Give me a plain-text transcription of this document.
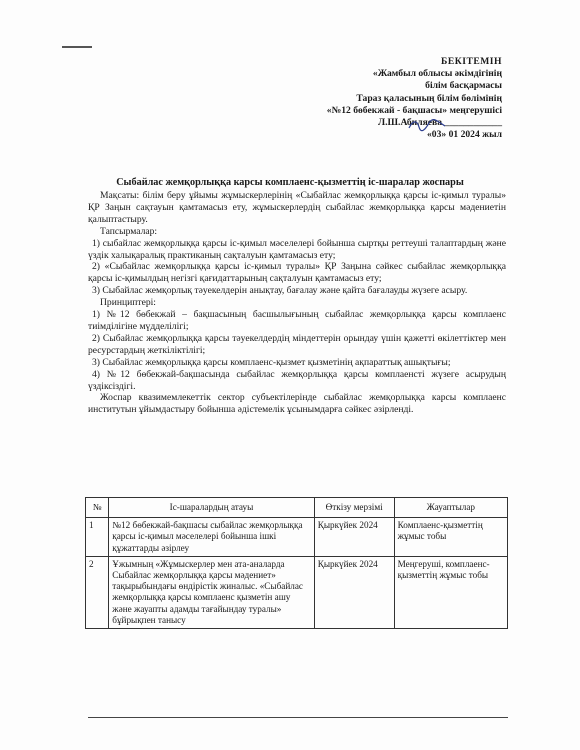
БЕКІТЕМІН
«Жамбыл облысы әкімдігінің
білім басқармасы
Тараз қаласының білім бөлімінің
«№12 бөбекжай - бақшасы» меңгерушісі
Л.Ш.Абиляева ____________
«03» 01 2024 жыл
Сыбайлас жемқорлыққа карсы комплаенс-қызметтің іс-шаралар жоспары

Мақсаты: білім беру ұйымы жұмыскерлерінің «Сыбайлас жемқорлыққа қарсы іс-қимыл туралы» ҚР Заңын сақтауын қамтамасыз ету, жұмыскерлердің сыбайлас жемқорлыққа қарсы мәдениетін қалыптастыру.

Тапсырмалар:

1) сыбайлас жемқорлыққа қарсы іс-қимыл мәселелері бойынша сыртқы реттеуші талаптардың және үздік халықаралық практиканың сақталуын қамтамасыз ету;

2) «Сыбайлас жемқорлыққа қарсы іс-қимыл туралы» ҚР Заңына сәйкес сыбайлас жемқорлыққа қарсы іс-қимылдың негізгі қағидаттарының сақталуын қамтамасыз ету;

3) Сыбайлас жемқорлық тәуекелдерін анықтау, бағалау және қайта бағалауды жүзеге асыру.

Принциптері:

1) №12 бөбекжай – бақшасының басшылығының сыбайлас жемқорлыққа қарсы комплаенс тиімділігіне мүдделілігі;

2) Сыбайлас жемқорлыққа қарсы тәуекелдердің міндеттерін орындау үшін қажетті өкілеттіктер мен ресурстардың жеткіліктілігі;

3) Сыбайлас жемқорлыққа қарсы комплаенс-қызмет қызметінің ақпараттық ашықтығы;

4) №12 бөбекжай-бақшасында сыбайлас жемқорлыққа қарсы комплаенсті жүзеге асырудың үздіксіздігі.

Жоспар квазимемлекеттік сектор субъектілерінде сыбайлас жемқорлыққа карсы комплаенс институтын ұйымдастыру бойынша әдістемелік ұсынымдарға сәйкес әзірленді.

№	Іс-шаралардың атауы	Өткізу мерзімі	Жауаптылар
1	№12 бөбекжай-бақшасы сыбайлас жемқорлыққа қарсы іс-қимыл мәселелері бойынша ішкі құжаттарды әзірлеу	Қыркүйек 2024	Комплаенс-қызметтің жұмыс тобы
2	Ұжымның «Жұмыскерлер мен ата-аналарда Сыбайлас жемқорлыққа қарсы мәдениет» тақырыбындағы өндірістік жиналыс. «Сыбайлас жемқорлыққа қарсы комплаенс қызметін ашу және жауапты адамды тағайындау туралы» бұйрықпен танысу	Қыркүйек 2024	Меңгеруші, комплаенс-қызметтің жұмыс тобы
